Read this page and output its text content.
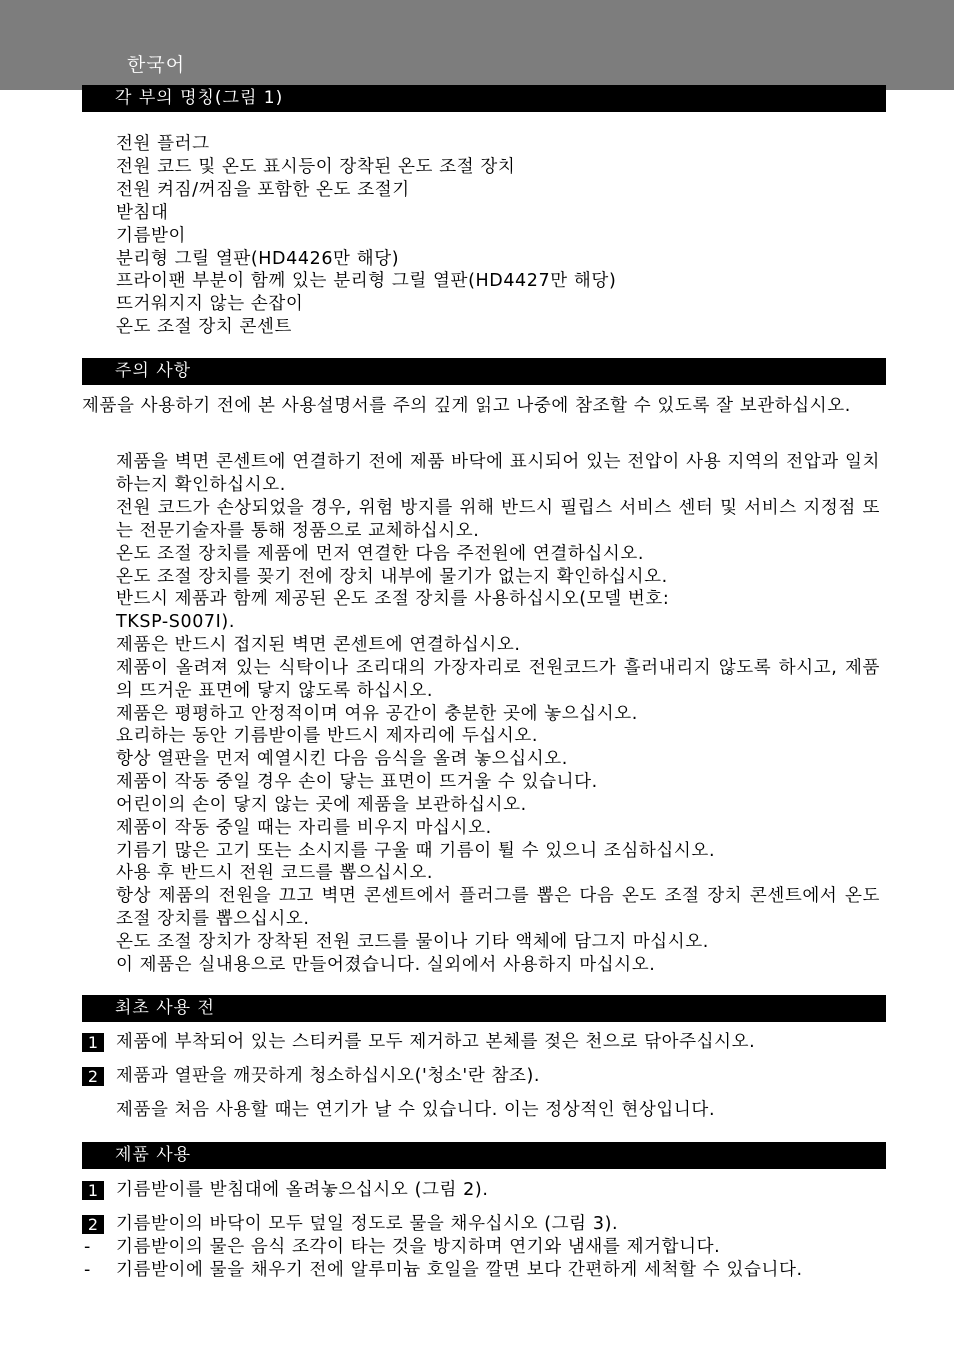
한국어
각 부의 명칭(그림 1)
전원 플러그
전원 코드 및 온도 표시등이 장착된 온도 조절 장치
전원 켜짐/꺼짐을 포함한 온도 조절기
받침대
기름받이
분리형 그릴 열판(HD4426만 해당)
프라이팬 부분이 함께 있는 분리형 그릴 열판(HD4427만 해당)
뜨거워지지 않는 손잡이
온도 조절 장치 콘센트
주의 사항
제품을 사용하기 전에 본 사용설명서를 주의 깊게 읽고 나중에 참조할 수 있도록 잘 보관하십시오.
제품을 벽면 콘센트에 연결하기 전에 제품 바닥에 표시되어 있는 전압이 사용 지역의 전압과 일치하는지 확인하십시오.
전원 코드가 손상되었을 경우, 위험 방지를 위해 반드시 필립스 서비스 센터 및 서비스 지정점 또는 전문기술자를 통해 정품으로 교체하십시오.
온도 조절 장치를 제품에 먼저 연결한 다음 주전원에 연결하십시오.
온도 조절 장치를 꽂기 전에 장치 내부에 물기가 없는지 확인하십시오.
반드시 제품과 함께 제공된 온도 조절 장치를 사용하십시오(모델 번호:
TKSP-S007I).
제품은 반드시 접지된 벽면 콘센트에 연결하십시오.
제품이 올려져 있는 식탁이나 조리대의 가장자리로 전원코드가 흘러내리지 않도록 하시고, 제품의 뜨거운 표면에 닿지 않도록 하십시오.
제품은 평평하고 안정적이며 여유 공간이 충분한 곳에 놓으십시오.
요리하는 동안 기름받이를 반드시 제자리에 두십시오.
항상 열판을 먼저 예열시킨 다음 음식을 올려 놓으십시오.
제품이 작동 중일 경우 손이 닿는 표면이 뜨거울 수 있습니다.
어린이의 손이 닿지 않는 곳에 제품을 보관하십시오.
제품이 작동 중일 때는 자리를 비우지 마십시오.
기름기 많은 고기 또는 소시지를 구울 때 기름이 튈 수 있으니 조심하십시오.
사용 후 반드시 전원 코드를 뽑으십시오.
항상 제품의 전원을 끄고 벽면 콘센트에서 플러그를 뽑은 다음 온도 조절 장치 콘센트에서 온도 조절 장치를 뽑으십시오.
온도 조절 장치가 장착된 전원 코드를 물이나 기타 액체에 담그지 마십시오.
이 제품은 실내용으로 만들어졌습니다. 실외에서 사용하지 마십시오.
최초 사용 전
1	제품에 부착되어 있는 스티커를 모두 제거하고 본체를 젖은 천으로 닦아주십시오.
2	제품과 열판을 깨끗하게 청소하십시오('청소'란 참조).
제품을 처음 사용할 때는 연기가 날 수 있습니다. 이는 정상적인 현상입니다.
제품 사용
1	기름받이를 받침대에 올려놓으십시오 (그림 2).
2	기름받이의 바닥이 모두 덮일 정도로 물을 채우십시오 (그림 3).
- 기름받이의 물은 음식 조각이 타는 것을 방지하며 연기와 냄새를 제거합니다.
- 기름받이에 물을 채우기 전에 알루미늄 호일을 깔면 보다 간편하게 세척할 수 있습니다.
